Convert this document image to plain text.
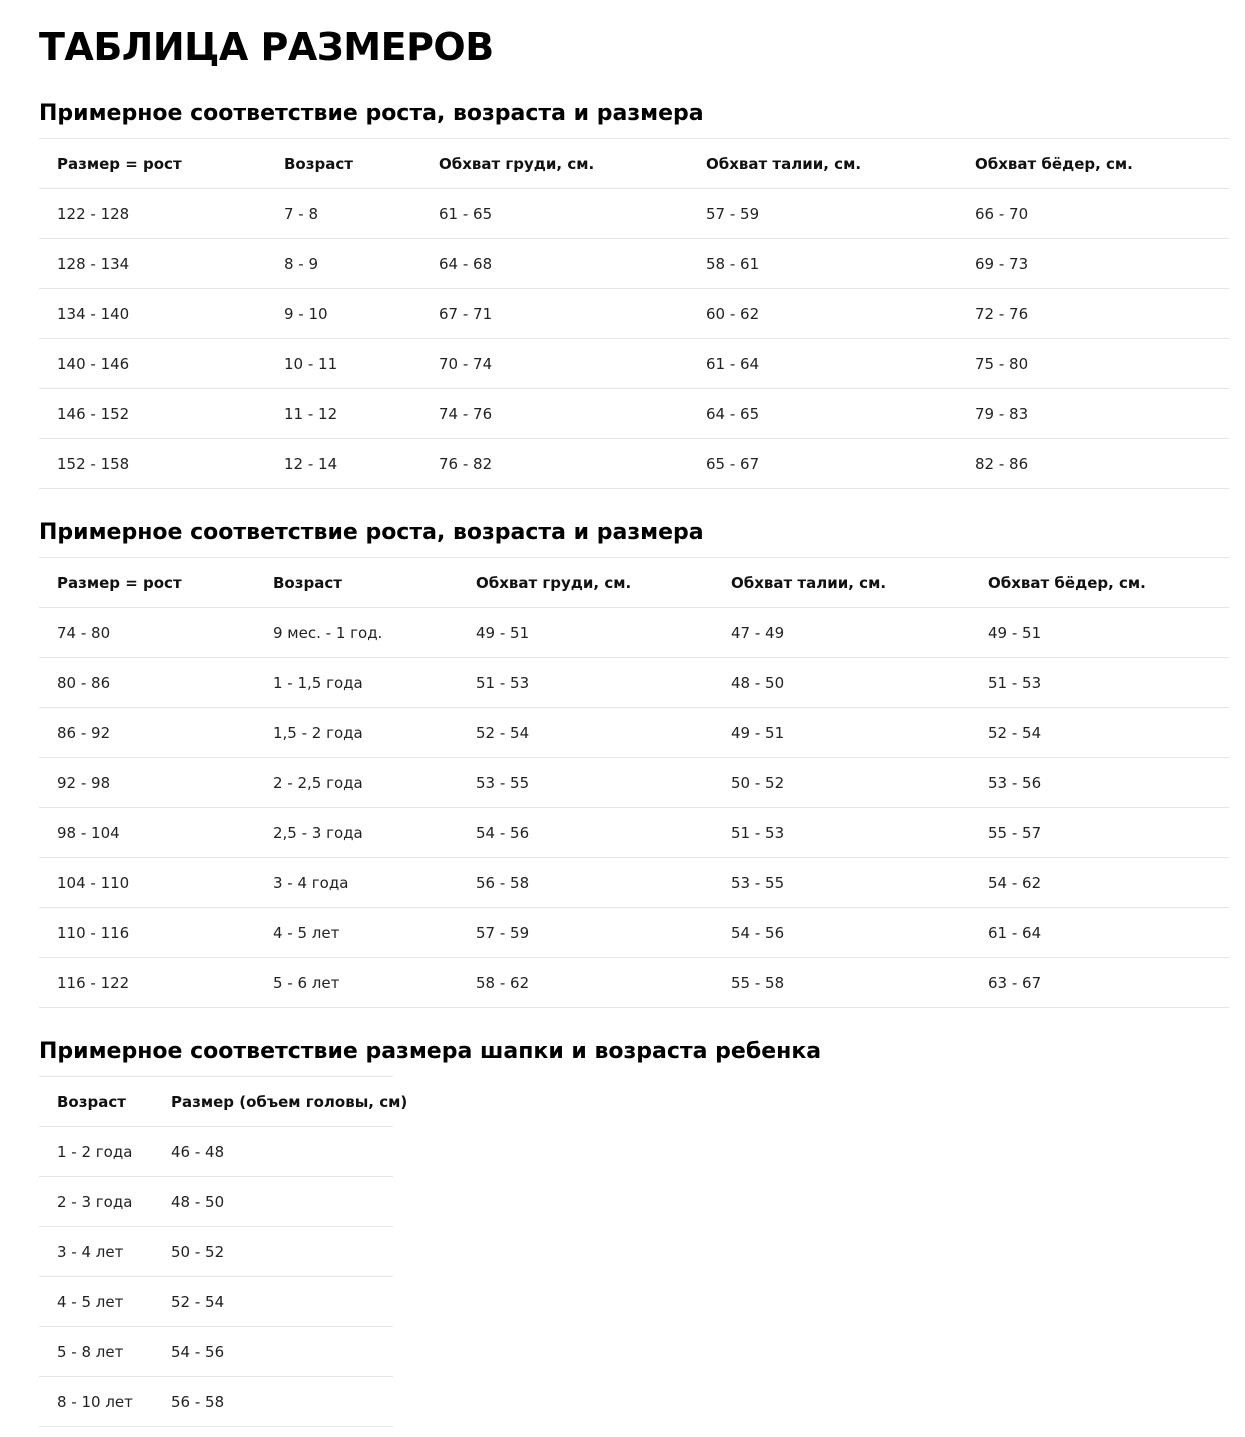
ТАБЛИЦА РАЗМЕРОВ
Примерное соответствие роста, возраста и размера
Размер = рост	Возраст	Обхват груди, см.	Обхват талии, см.	Обхват бёдер, см.
122 - 128	7 - 8	61 - 65	57 - 59	66 - 70
128 - 134	8 - 9	64 - 68	58 - 61	69 - 73
134 - 140	9 - 10	67 - 71	60 - 62	72 - 76
140 - 146	10 - 11	70 - 74	61 - 64	75 - 80
146 - 152	11 - 12	74 - 76	64 - 65	79 - 83
152 - 158	12 - 14	76 - 82	65 - 67	82 - 86
Примерное соответствие роста, возраста и размера
Размер = рост	Возраст	Обхват груди, см.	Обхват талии, см.	Обхват бёдер, см.
74 - 80	9 мес. - 1 год.	49 - 51	47 - 49	49 - 51
80 - 86	1 - 1,5 года	51 - 53	48 - 50	51 - 53
86 - 92	1,5 - 2 года	52 - 54	49 - 51	52 - 54
92 - 98	2 - 2,5 года	53 - 55	50 - 52	53 - 56
98 - 104	2,5 - 3 года	54 - 56	51 - 53	55 - 57
104 - 110	3 - 4 года	56 - 58	53 - 55	54 - 62
110 - 116	4 - 5 лет	57 - 59	54 - 56	61 - 64
116 - 122	5 - 6 лет	58 - 62	55 - 58	63 - 67
Примерное соответствие размера шапки и возраста ребенка
Возраст	Размер (объем головы, см)
1 - 2 года	46 - 48
2 - 3 года	48 - 50
3 - 4 лет	50 - 52
4 - 5 лет	52 - 54
5 - 8 лет	54 - 56
8 - 10 лет	56 - 58
